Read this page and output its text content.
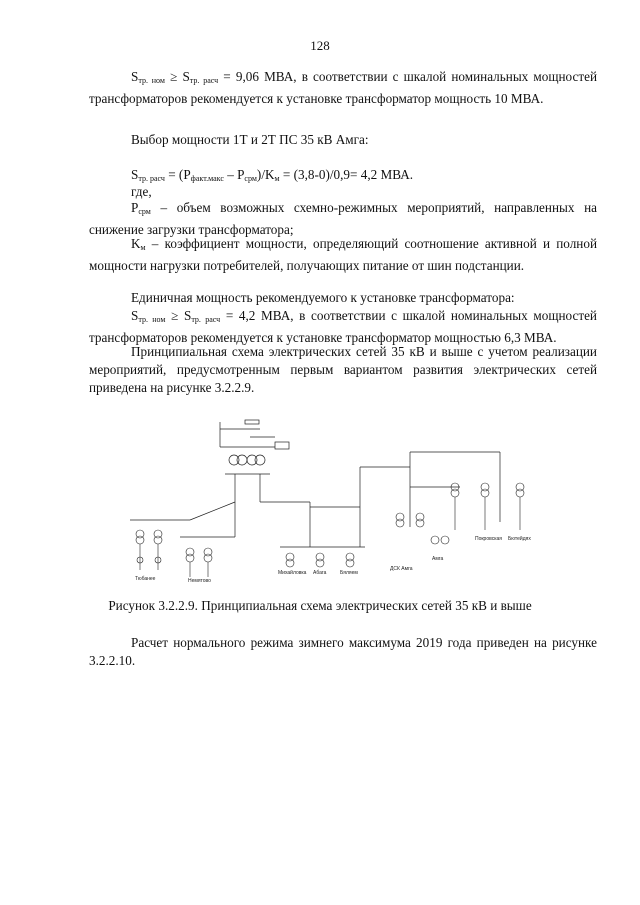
128
$S_{тр. ном} \ge S_{тр. расч} = 9,06$ МВА, в соответствии с шкалой номинальных мощностей трансформаторов рекомендуется к установке трансформатор мощность 10 МВА.
Выбор мощности 1Т и 2Т ПС 35 кВ Амга:
$S_{тр. расч} = (P_{факт.макс} - P_{срм})/K_м = (3,8-0)/0,9= 4,2$ МВА.
где,
$P_{срм}$ – объем возможных схемно-режимных мероприятий, направленных на снижение загрузки трансформатора;
$K_м$ – коэффициент мощности, определяющий соотношение активной и полной мощности нагрузки потребителей, получающих питание от шин подстанции.
Единичная мощность рекомендуемого к установке трансформатора:
$S_{тр. ном} \ge S_{тр. расч} = 4,2$ МВА, в соответствии с шкалой номинальных мощностей трансформаторов рекомендуется к установке трансформатор мощностью 6,3 МВА.
Принципиальная схема электрических сетей 35 кВ и выше с учетом реализации мероприятий, предусмотренным первым вариантом развития электрических сетей приведена на рисунке 3.2.2.9.
Тюбанее	Немятово
Михайловка Абага	Бяляем
ДСК Амга
Амга
Покровская Бютейдях
Рисунок 3.2.2.9. Принципиальная схема электрических сетей 35 кВ и выше
Расчет нормального режима зимнего максимума 2019 года приведен на рисунке 3.2.2.10.
